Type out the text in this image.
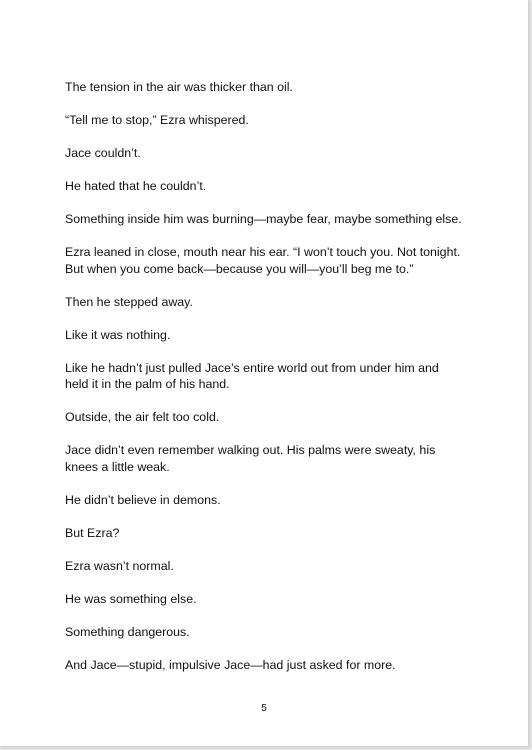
The tension in the air was thicker than oil.

“Tell me to stop,” Ezra whispered.

Jace couldn’t.

He hated that he couldn’t.

Something inside him was burning—maybe fear, maybe something else.

Ezra leaned in close, mouth near his ear. “I won’t touch you. Not tonight.
But when you come back—because you will—you’ll beg me to.”

Then he stepped away.

Like it was nothing.

Like he hadn’t just pulled Jace’s entire world out from under him and
held it in the palm of his hand.

Outside, the air felt too cold.

Jace didn’t even remember walking out. His palms were sweaty, his
knees a little weak.

He didn’t believe in demons.

But Ezra?

Ezra wasn’t normal.

He was something else.

Something dangerous.

And Jace—stupid, impulsive Jace—had just asked for more.

5
